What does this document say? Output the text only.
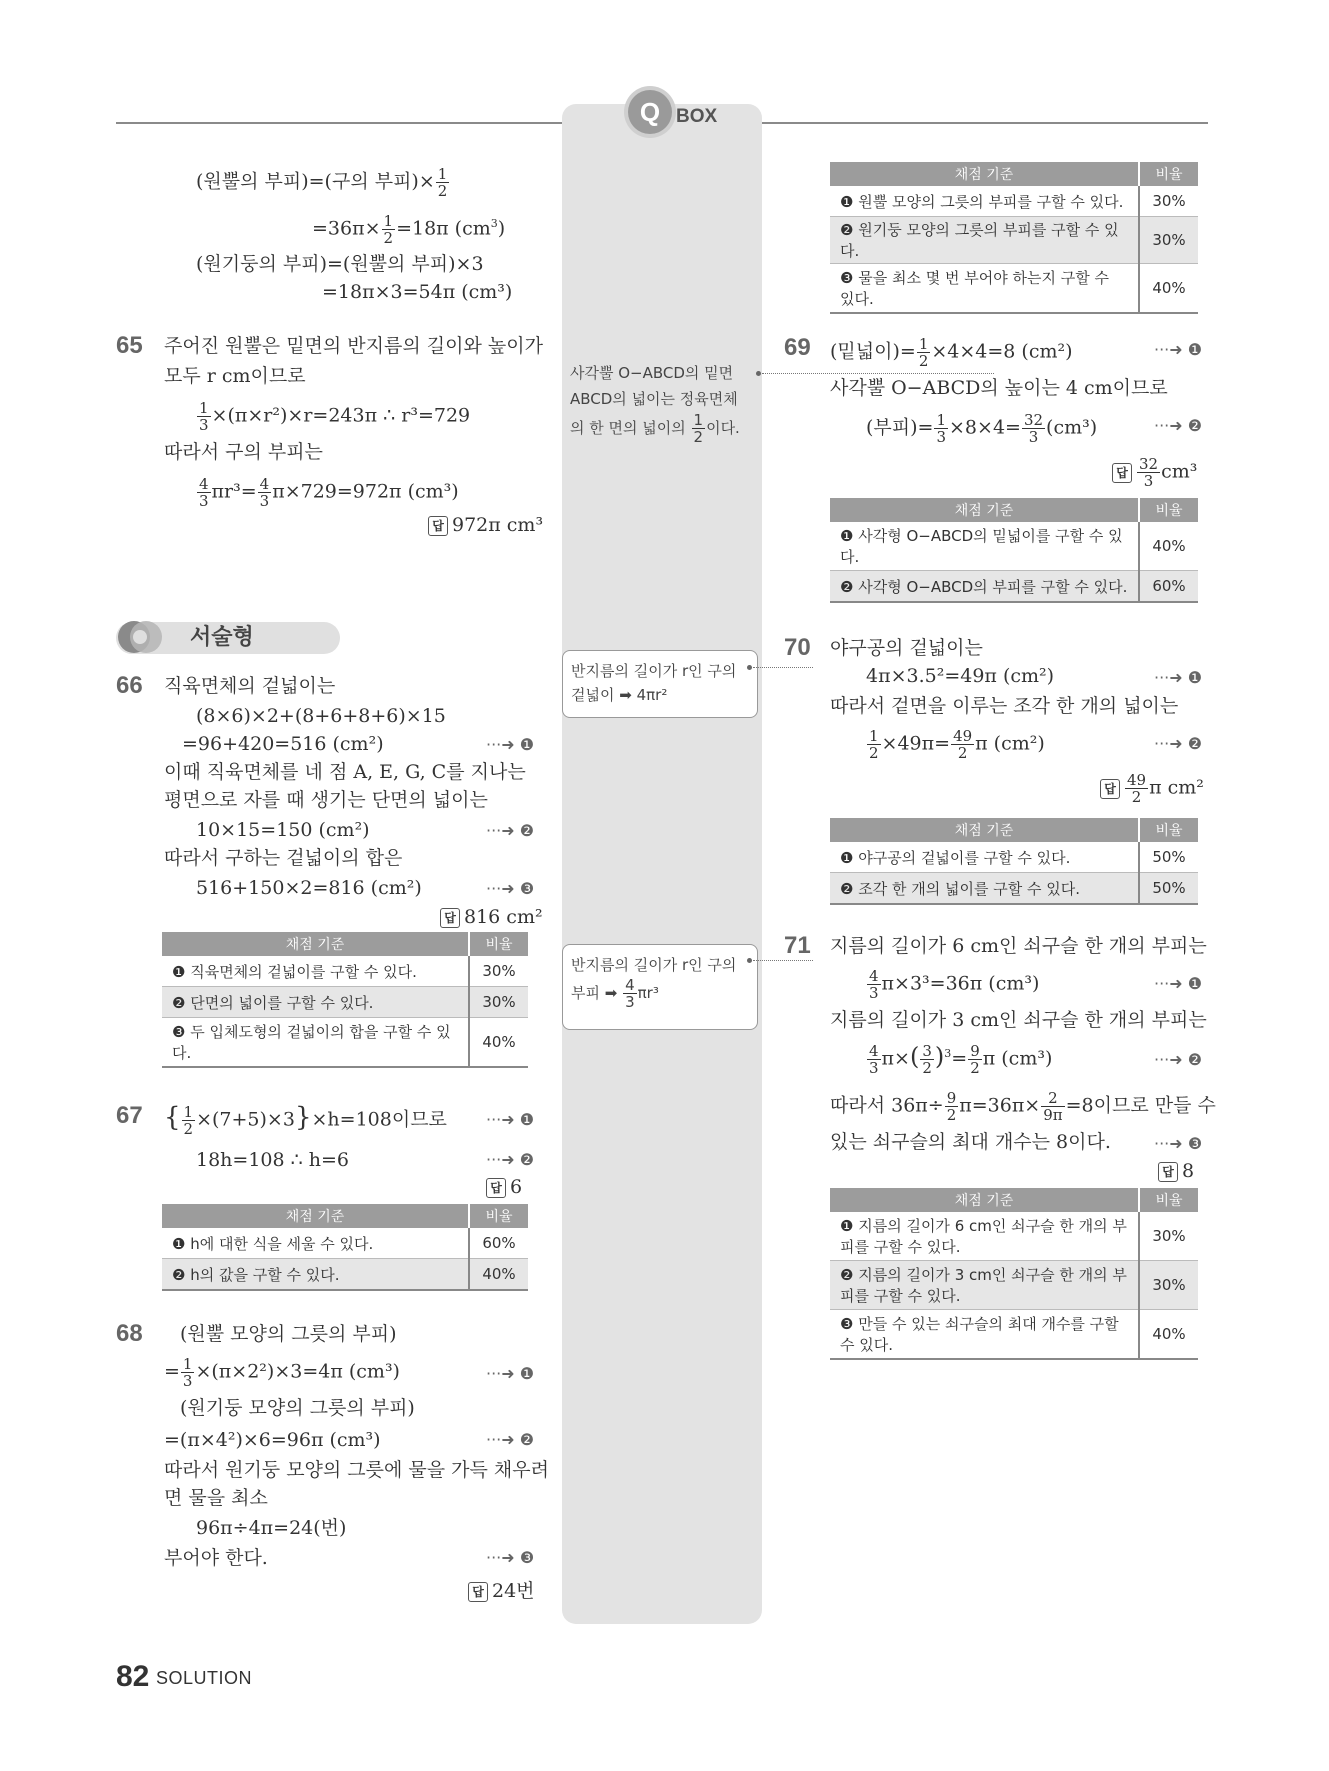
Q BOX
(원뿔의 부피)=(구의 부피)× $\frac{1}{2}$
$=36\pi\times \frac{1}{2} =18\pi$ $(cm^3)$
(원기둥의 부피)=(원뿔의 부피)×3
=18π×3=54π (cm³)
65 주어진 원뿔은 밑면의 반지름의 길이와 높이가
모두 r cm이므로
$\frac{1}{3} \times(\pi\times r^2)\times r=243\pi$ ∴ r³=729
따라서 구의 부피는
$\frac{4}{3} \pi r^3= \frac{4}{3} \pi\times 729=972\pi$ (cm³)
답 972π cm³
서술형
66 직육면체의 겉넓이는
(8×6)×2+(8+6+8+6)×15
=96+420=516 (cm²)	···➜ ❶
이때 직육면체를 네 점 A, E, G, C를 지나는
평면으로 자를 때 생기는 단면의 넓이는
10×15=150 (cm²)	···➜ ❷
따라서 구하는 겉넓이의 합은
516+150×2=816 (cm²)	···➜ ❸
답 816 cm²
채점 기준	비율
❶ 직육면체의 겉넓이를 구할 수 있다.	30%
❷ 단면의 넓이를 구할 수 있다.	30%
❸ 두 입체도형의 겉넓이의 합을 구할 수 있다.	40%
67 { $\frac{1}{2} \times(7+5)\times 3\}\times h=108$이므로 ···➜ ❶
18h=108 ∴ h=6	···➜ ❷
답 6
채점 기준	비율
❶ h에 대한 식을 세울 수 있다.	60%
❷ h의 값을 구할 수 있다.	40%
68 (원뿔 모양의 그릇의 부피)
= $\frac{1}{3} \times(\pi\times 2^2)\times 3=4\pi$ (cm³)	···➜ ❶
(원기둥 모양의 그릇의 부피)
=(π×4²)×6=96π (cm³)	···➜ ❷
따라서 원기둥 모양의 그릇에 물을 가득 채우려
면 물을 최소
96π÷4π=24(번)
부어야 한다.	···➜ ❸
답 24번
사각뿔 O−ABCD의 밑면
ABCD의 넓이는 정육면체
의 한 면의 넓이의 $\frac{1}{2}$ 이다.
반지름의 길이가 r인 구의
겉넓이 ➡ 4πr²
반지름의 길이가 r인 구의
부피 ➡ $\frac{4}{3} \pi r^3$
채점 기준	비율
❶ 원뿔 모양의 그릇의 부피를 구할 수 있다.	30%
❷ 원기둥 모양의 그릇의 부피를 구할 수 있다.	30%
❸ 물을 최소 몇 번 부어야 하는지 구할 수 있다.	40%
69 (밑넓이)= $\frac{1}{2} \times 4\times 4=8$ (cm²)	···➜ ❶
사각뿔 O−ABCD의 높이는 4 cm이므로
(부피)= $\frac{1}{3} \times 8\times 4= \frac{32}{3} (cm^3)$	···➜ ❷
답 $\frac{32}{3} cm^3$
채점 기준	비율
❶ 사각형 O−ABCD의 밑넓이를 구할 수 있다.	40%
❷ 사각형 O−ABCD의 부피를 구할 수 있다.	60%
70 야구공의 겉넓이는
4π×3.5²=49π (cm²)	···➜ ❶
따라서 겉면을 이루는 조각 한 개의 넓이는
$\frac{1}{2} \times 49\pi= \frac{49}{2}$ π (cm²)	···➜ ❷
답 $\frac{49}{2}$ π cm²
채점 기준	비율
❶ 야구공의 겉넓이를 구할 수 있다.	50%
❷ 조각 한 개의 넓이를 구할 수 있다.	50%
71 지름의 길이가 6 cm인 쇠구슬 한 개의 부피는
$\frac{4}{3} \pi\times 3^3=36\pi$ (cm³)	···➜ ❶
지름의 길이가 3 cm인 쇠구슬 한 개의 부피는
$\frac{4}{3} \pi\times( \frac{3}{2} )^3= \frac{9}{2}$ π (cm³)	···➜ ❷
따라서 $36\pi\div \frac{9}{2} \pi=36\pi\times \frac{2}{9\pi} =8$이므로 만들 수
있는 쇠구슬의 최대 개수는 8이다.	···➜ ❸
답 8
채점 기준	비율
❶ 지름의 길이가 6 cm인 쇠구슬 한 개의 부피를 구할 수 있다.	30%
❷ 지름의 길이가 3 cm인 쇠구슬 한 개의 부피를 구할 수 있다.	30%
❸ 만들 수 있는 쇠구슬의 최대 개수를 구할 수 있다.	40%
82 SOLUTION
